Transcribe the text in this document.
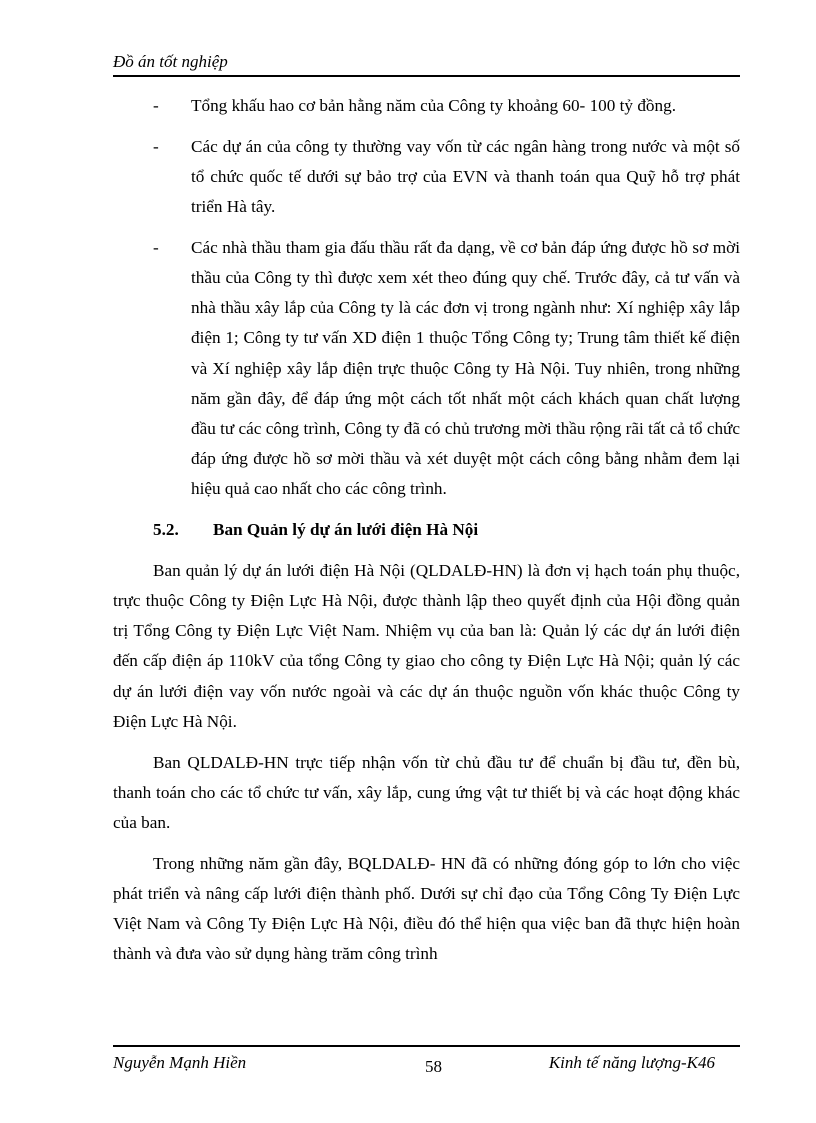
Đồ án tốt nghiệp

-	Tổng khấu hao cơ bản hằng năm của Công ty khoảng 60- 100 tỷ đồng.

-	Các dự án của công ty thường vay vốn từ các ngân hàng trong nước và một số tổ chức quốc tế dưới sự bảo trợ của EVN và thanh toán qua Quỹ hỗ trợ phát triển Hà tây.

-	Các nhà thầu tham gia đấu thầu rất đa dạng, về cơ bản đáp ứng được hồ sơ mời thầu của Công ty thì được xem xét theo đúng quy chế. Trước đây, cả tư vấn và nhà thầu xây lắp của Công ty là các đơn vị trong ngành như: Xí nghiệp xây lắp điện 1; Công ty tư vấn XD điện 1 thuộc Tổng Công ty; Trung tâm thiết kế điện và Xí nghiệp xây lắp điện trực thuộc Công ty Hà Nội. Tuy nhiên, trong những năm gần đây, để đáp ứng một cách tốt nhất một cách khách quan chất lượng đầu tư các công trình, Công ty đã có chủ trương mời thầu rộng rãi tất cả tổ chức đáp ứng được hồ sơ mời thầu và xét duyệt một cách công bằng nhằm đem lại hiệu quả cao nhất cho các công trình.

5.2.	Ban Quản lý dự án lưới điện Hà Nội

Ban quản lý dự án lưới điện Hà Nội (QLDALĐ-HN) là đơn vị hạch toán phụ thuộc, trực thuộc Công ty Điện Lực Hà Nội, được thành lập theo quyết định của Hội đồng quản trị Tổng Công ty Điện Lực Việt Nam. Nhiệm vụ của ban là: Quản lý các dự án lưới điện đến cấp điện áp 110kV của tổng Công ty giao cho công ty Điện Lực Hà Nội; quản lý các dự án lưới điện vay vốn nước ngoài và các dự án thuộc nguồn vốn khác thuộc Công ty Điện Lực Hà Nội.

Ban QLDALĐ-HN trực tiếp nhận vốn từ chủ đầu tư để chuẩn bị đầu tư, đền bù, thanh toán cho các tổ chức tư vấn, xây lắp, cung ứng vật tư thiết bị và các hoạt động khác của ban.

Trong những năm gần đây, BQLDALĐ- HN đã có những đóng góp to lớn cho việc phát triển và nâng cấp lưới điện thành phố. Dưới sự chỉ đạo của Tổng Công Ty Điện Lực Việt Nam và Công Ty Điện Lực Hà Nội, điều đó thể hiện qua việc ban đã thực hiện hoàn thành và đưa vào sử dụng hàng trăm công trình

Nguyễn Mạnh Hiền	58	Kinh tế năng lượng-K46
